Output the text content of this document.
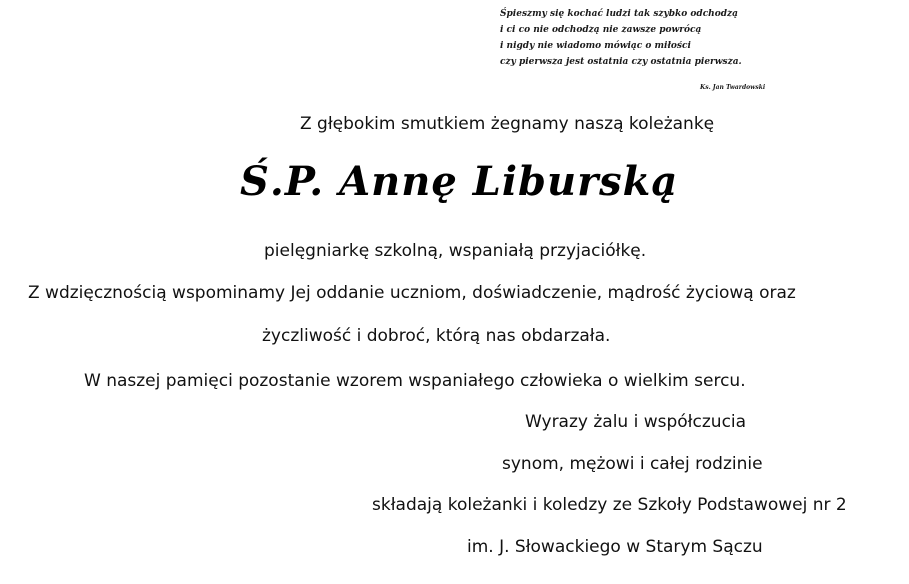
Śpieszmy się kochać ludzi tak szybko odchodzą
i ci co nie odchodzą nie zawsze powrócą
i nigdy nie wiadomo mówiąc o miłości
czy pierwsza jest ostatnia czy ostatnia pierwsza.
Ks. Jan Twardowski
Z głębokim smutkiem żegnamy naszą koleżankę
Ś.P. Annę Liburską
pielęgniarkę szkolną, wspaniałą przyjaciółkę.
Z wdzięcznością wspominamy Jej oddanie uczniom, doświadczenie, mądrość życiową oraz
życzliwość i dobroć, którą nas obdarzała.
W naszej pamięci pozostanie wzorem wspaniałego człowieka o wielkim sercu.
Wyrazy żalu i współczucia
synom, mężowi i całej rodzinie
składają koleżanki i koledzy ze Szkoły Podstawowej nr 2
im. J. Słowackiego w Starym Sączu
